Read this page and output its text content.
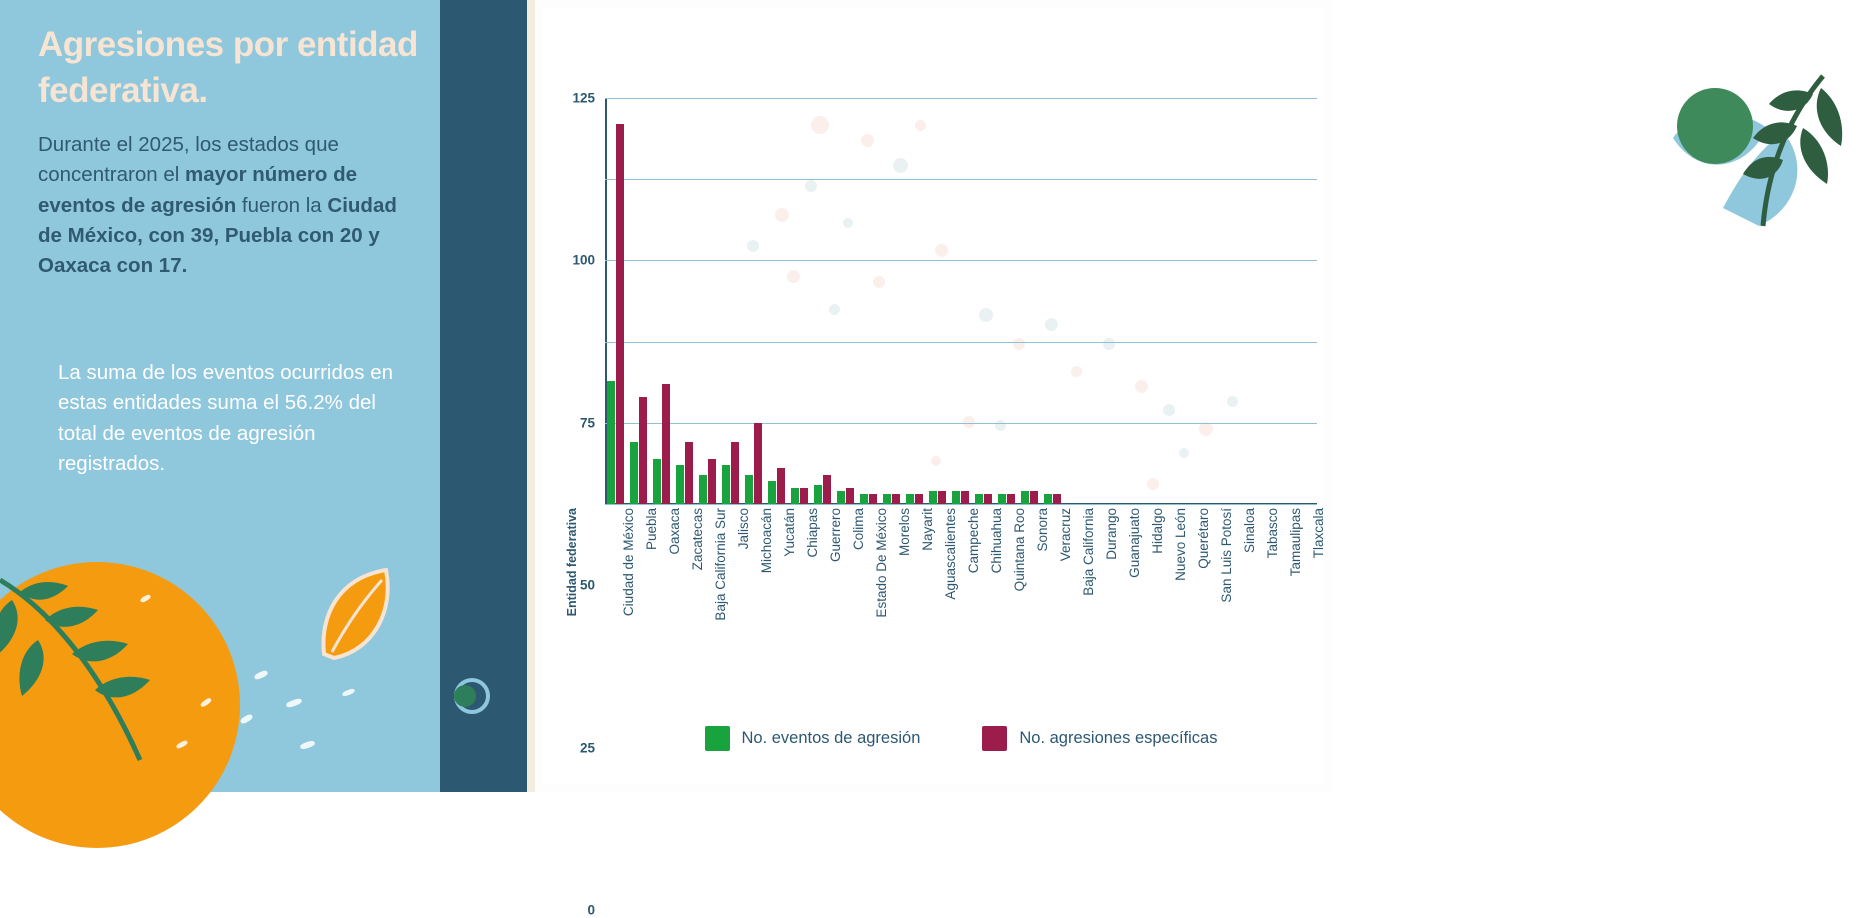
Agresiones por entidad federativa.
Durante el 2025, los estados que concentraron el mayor número de eventos de agresión fueron la Ciudad de México, con 39, Puebla con 20 y Oaxaca con 17.
La suma de los eventos ocurridos en estas entidades suma el 56.2% del total de eventos de agresión registrados.
0
25
50
75
100
125
Ciudad de México Puebla Oaxaca Zacatecas Baja California Sur Jalisco Michoacán Yucatán Chiapas Guerrero Colima Estado De México Morelos Nayarit Aguascalientes Campeche Chihuahua Quintana Roo Sonora Veracruz Baja California Durango Guanajuato Hidalgo Nuevo León Querétaro San Luis Potosí Sinaloa Tabasco Tamaulipas Tlaxcala
Entidad federativa
No. eventos de agresión	No. agresiones específicas
